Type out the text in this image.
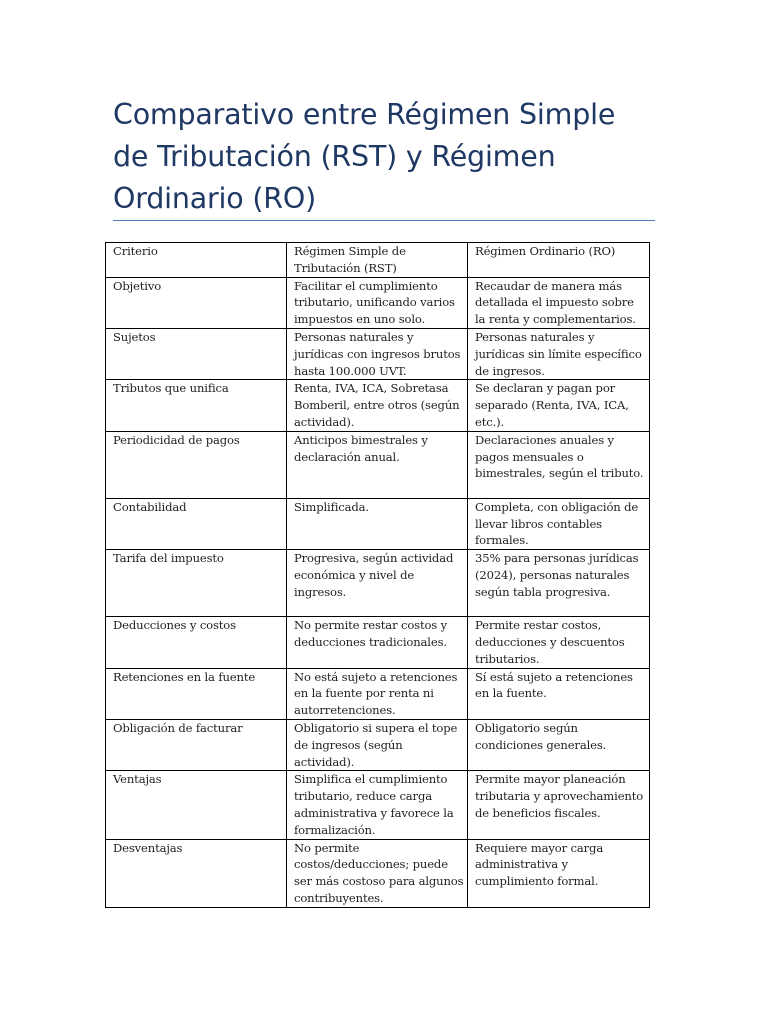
Comparativo entre Régimen Simple de Tributación (RST) y Régimen Ordinario (RO)
Criterio	Régimen Simple de Tributación (RST)	Régimen Ordinario (RO)

Objetivo	Facilitar el cumplimiento tributario, unificando varios impuestos en uno solo.	Recaudar de manera más detallada el impuesto sobre la renta y complementarios.

Sujetos	Personas naturales y jurídicas con ingresos brutos hasta 100.000 UVT.	Personas naturales y jurídicas sin límite específico de ingresos.

Tributos que unifica	Renta, IVA, ICA, Sobretasa Bomberil, entre otros (según actividad).	Se declaran y pagan por separado (Renta, IVA, ICA, etc.).

Periodicidad de pagos	Anticipos bimestrales y declaración anual.	Declaraciones anuales y pagos mensuales o bimestrales, según el tributo.

Contabilidad	Simplificada.	Completa, con obligación de llevar libros contables formales.

Tarifa del impuesto	Progresiva, según actividad económica y nivel de ingresos.	35% para personas jurídicas (2024), personas naturales según tabla progresiva.

Deducciones y costos	No permite restar costos y deducciones tradicionales.	Permite restar costos, deducciones y descuentos tributarios.

Retenciones en la fuente	No está sujeto a retenciones en la fuente por renta ni autorretenciones.	Sí está sujeto a retenciones en la fuente.

Obligación de facturar	Obligatorio si supera el tope de ingresos (según actividad).	Obligatorio según condiciones generales.

Ventajas	Simplifica el cumplimiento tributario, reduce carga administrativa y favorece la formalización.	Permite mayor planeación tributaria y aprovechamiento de beneficios fiscales.

Desventajas	No permite costos/deducciones; puede ser más costoso para algunos contribuyentes.	Requiere mayor carga administrativa y cumplimiento formal.
